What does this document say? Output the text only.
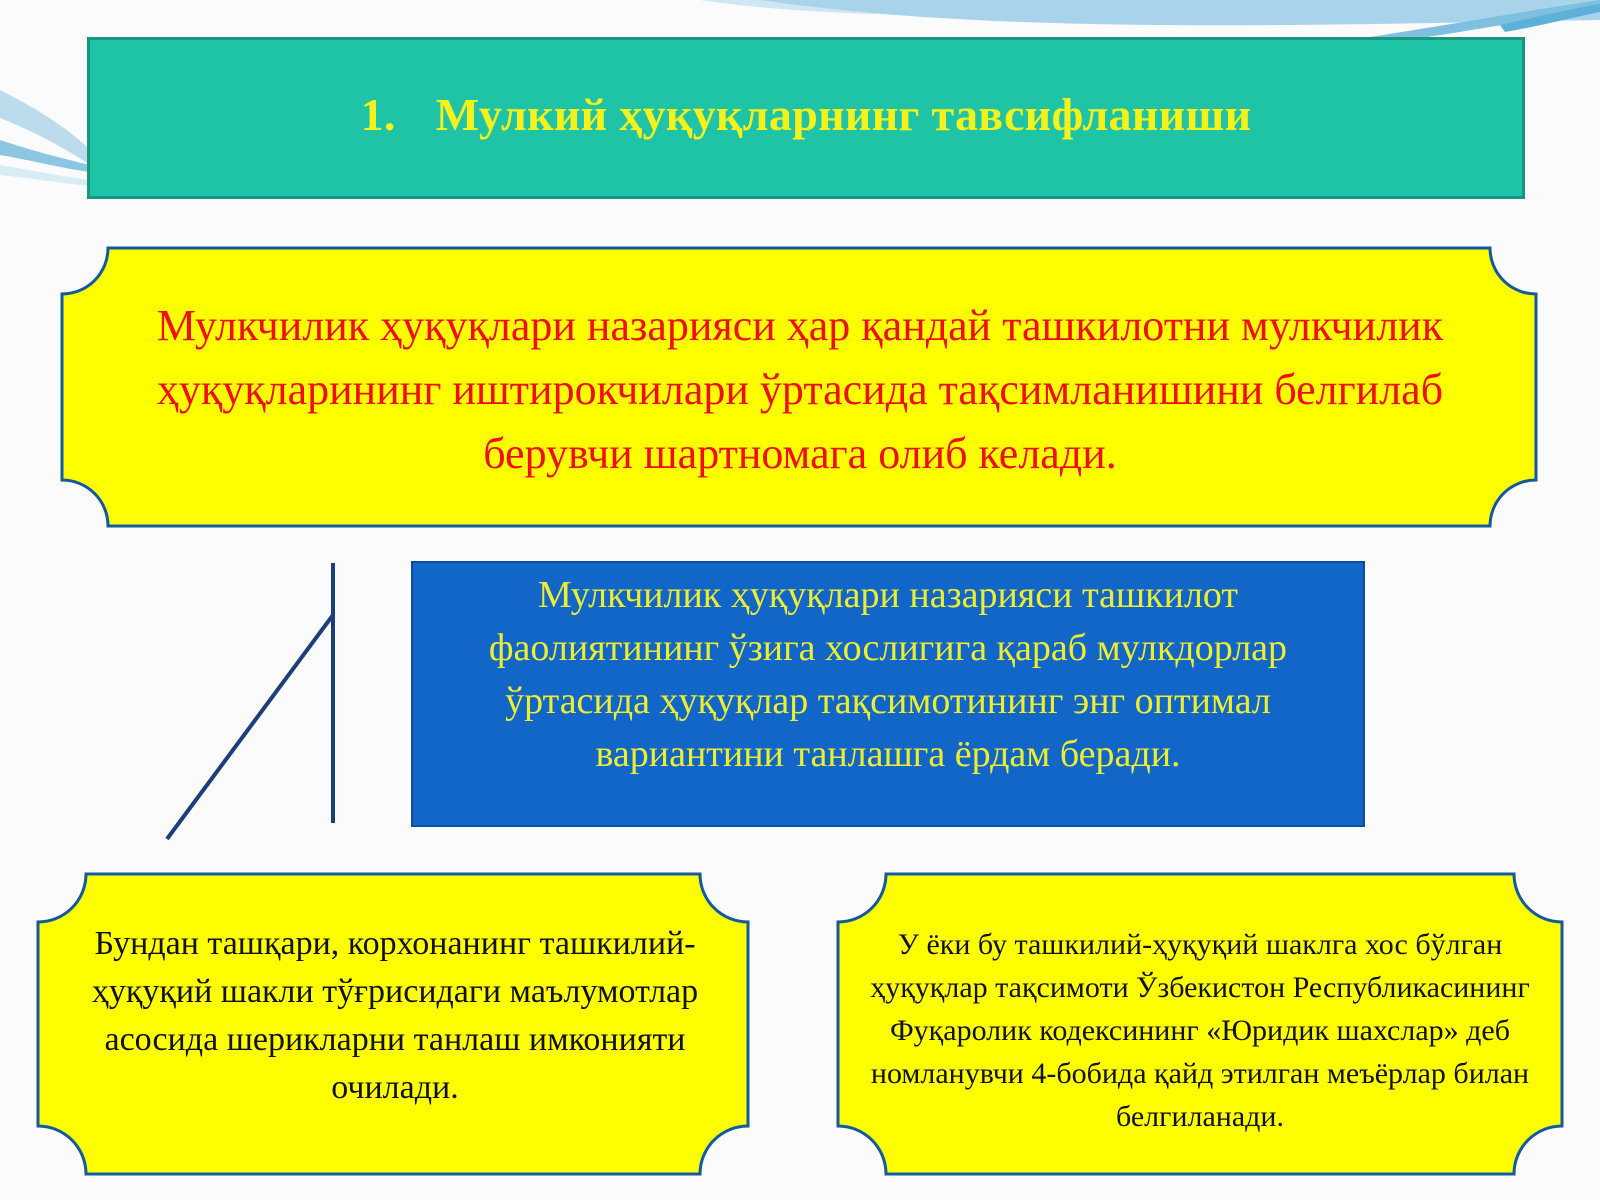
1. Мулкий ҳуқуқларнинг тавсифланиши
Мулкчилик ҳуқуқлари назарияси ҳар қандай ташкилотни мулкчилик ҳуқуқларининг иштирокчилари ўртасида тақсимланишини белгилаб берувчи шартномага олиб келади.
Мулкчилик ҳуқуқлари назарияси ташкилот фаолиятининг ўзига хослигига қараб мулкдорлар ўртасида ҳуқуқлар тақсимотининг энг оптимал вариантини танлашга ёрдам беради.
Бундан ташқари, корхонанинг ташкилий-ҳуқуқий шакли тўғрисидаги маълумотлар асосида шерикларни танлаш имконияти очилади.
У ёки бу ташкилий-ҳуқуқий шаклга хос бўлган ҳуқуқлар тақсимоти Ўзбекистон Республикасининг Фуқаролик кодексининг «Юридик шахслар» деб номланувчи 4-бобида қайд этилган меъёрлар билан белгиланади.
